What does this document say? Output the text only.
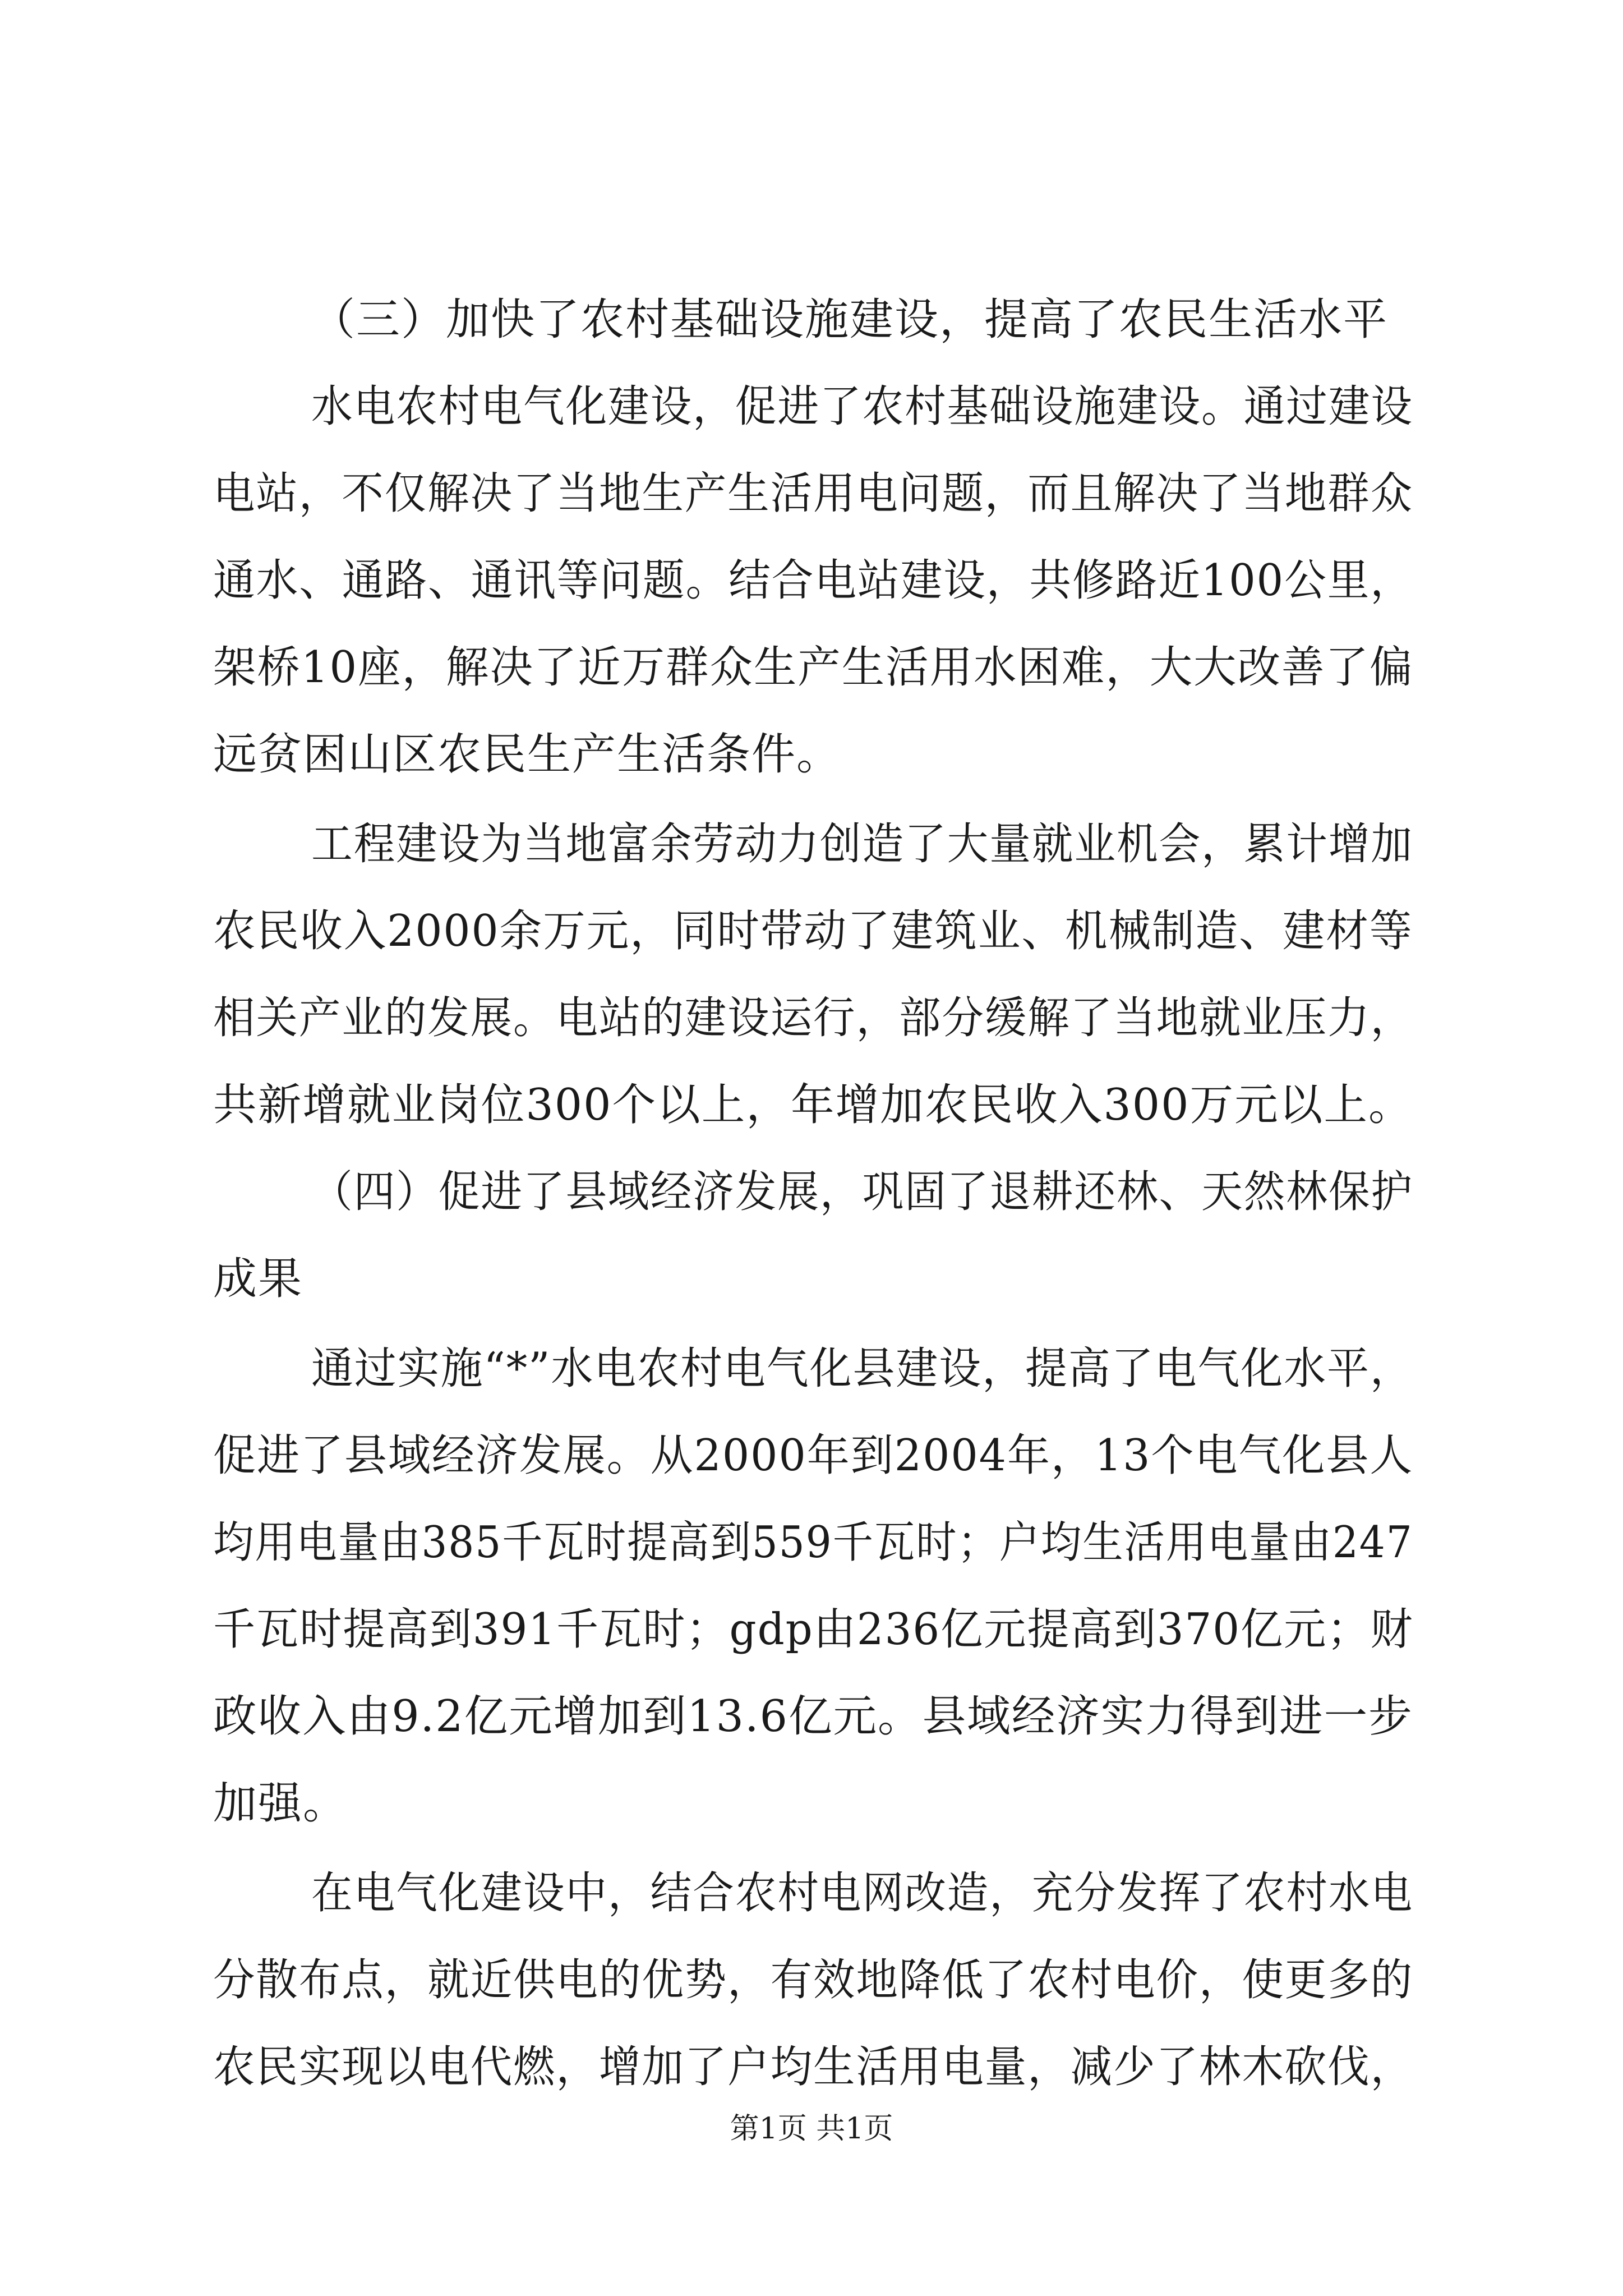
（三）加快了农村基础设施建设，提高了农民生活水平
水电农村电气化建设，促进了农村基础设施建设。通过建设
电站，不仅解决了当地生产生活用电问题，而且解决了当地群众
通水、通路、通讯等问题。结合电站建设，共修路近100公里，
架桥10座，解决了近万群众生产生活用水困难，大大改善了偏
远贫困山区农民生产生活条件。
工程建设为当地富余劳动力创造了大量就业机会，累计增加
农民收入2000余万元，同时带动了建筑业、机械制造、建材等
相关产业的发展。电站的建设运行，部分缓解了当地就业压力，
共新增就业岗位300个以上，年增加农民收入300万元以上。
（四）促进了县域经济发展，巩固了退耕还林、天然林保护
成果
通过实施“*”水电农村电气化县建设，提高了电气化水平，
促进了县域经济发展。从2000年到2004年，13个电气化县人
均用电量由385千瓦时提高到559千瓦时；户均生活用电量由247
千瓦时提高到391千瓦时；gdp由236亿元提高到370亿元；财
政收入由9.2亿元增加到13.6亿元。县域经济实力得到进一步
加强。
在电气化建设中，结合农村电网改造，充分发挥了农村水电
分散布点，就近供电的优势，有效地降低了农村电价，使更多的
农民实现以电代燃，增加了户均生活用电量，减少了林木砍伐，
第1页 共1页
